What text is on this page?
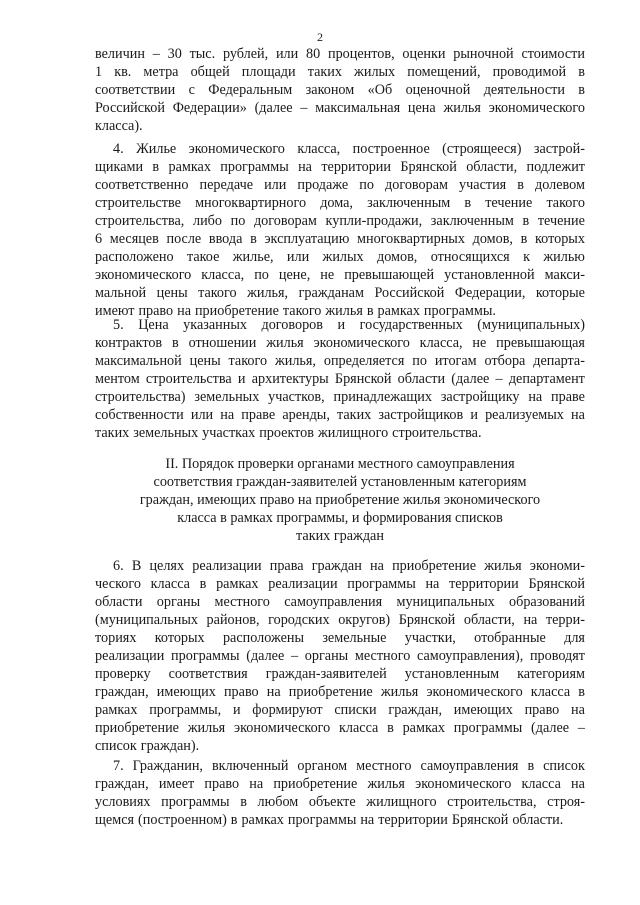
2
величин – 30 тыс. рублей, или 80 процентов, оценки рыночной стоимости
1 кв. метра общей площади таких жилых помещений, проводимой в
соответствии с Федеральным законом «Об оценочной деятельности в
Российской Федерации» (далее – максимальная цена жилья экономического
класса).
4. Жилье экономического класса, построенное (строящееся) застрой-
щиками в рамках программы на территории Брянской области, подлежит
соответственно передаче или продаже по договорам участия в долевом
строительстве многоквартирного дома, заключенным в течение такого
строительства, либо по договорам купли-продажи, заключенным в течение
6 месяцев после ввода в эксплуатацию многоквартирных домов, в которых
расположено такое жилье, или жилых домов, относящихся к жилью
экономического класса, по цене, не превышающей установленной макси-
мальной цены такого жилья, гражданам Российской Федерации, которые
имеют право на приобретение такого жилья в рамках программы.
5. Цена указанных договоров и государственных (муниципальных)
контрактов в отношении жилья экономического класса, не превышающая
максимальной цены такого жилья, определяется по итогам отбора департа-
ментом строительства и архитектуры Брянской области (далее – департамент
строительства) земельных участков, принадлежащих застройщику на праве
собственности или на праве аренды, таких застройщиков и реализуемых на
таких земельных участках проектов жилищного строительства.
II. Порядок проверки органами местного самоуправления
соответствия граждан-заявителей установленным категориям
граждан, имеющих право на приобретение жилья экономического
класса в рамках программы, и формирования списков
таких граждан
6. В целях реализации права граждан на приобретение жилья экономи-
ческого класса в рамках реализации программы на территории Брянской
области органы местного самоуправления муниципальных образований
(муниципальных районов, городских округов) Брянской области, на терри-
ториях которых расположены земельные участки, отобранные для
реализации программы (далее – органы местного самоуправления), проводят
проверку соответствия граждан-заявителей установленным категориям
граждан, имеющих право на приобретение жилья экономического класса в
рамках программы, и формируют списки граждан, имеющих право на
приобретение жилья экономического класса в рамках программы (далее –
список граждан).
7. Гражданин, включенный органом местного самоуправления в список
граждан, имеет право на приобретение жилья экономического класса на
условиях программы в любом объекте жилищного строительства, строя-
щемся (построенном) в рамках программы на территории Брянской области.
